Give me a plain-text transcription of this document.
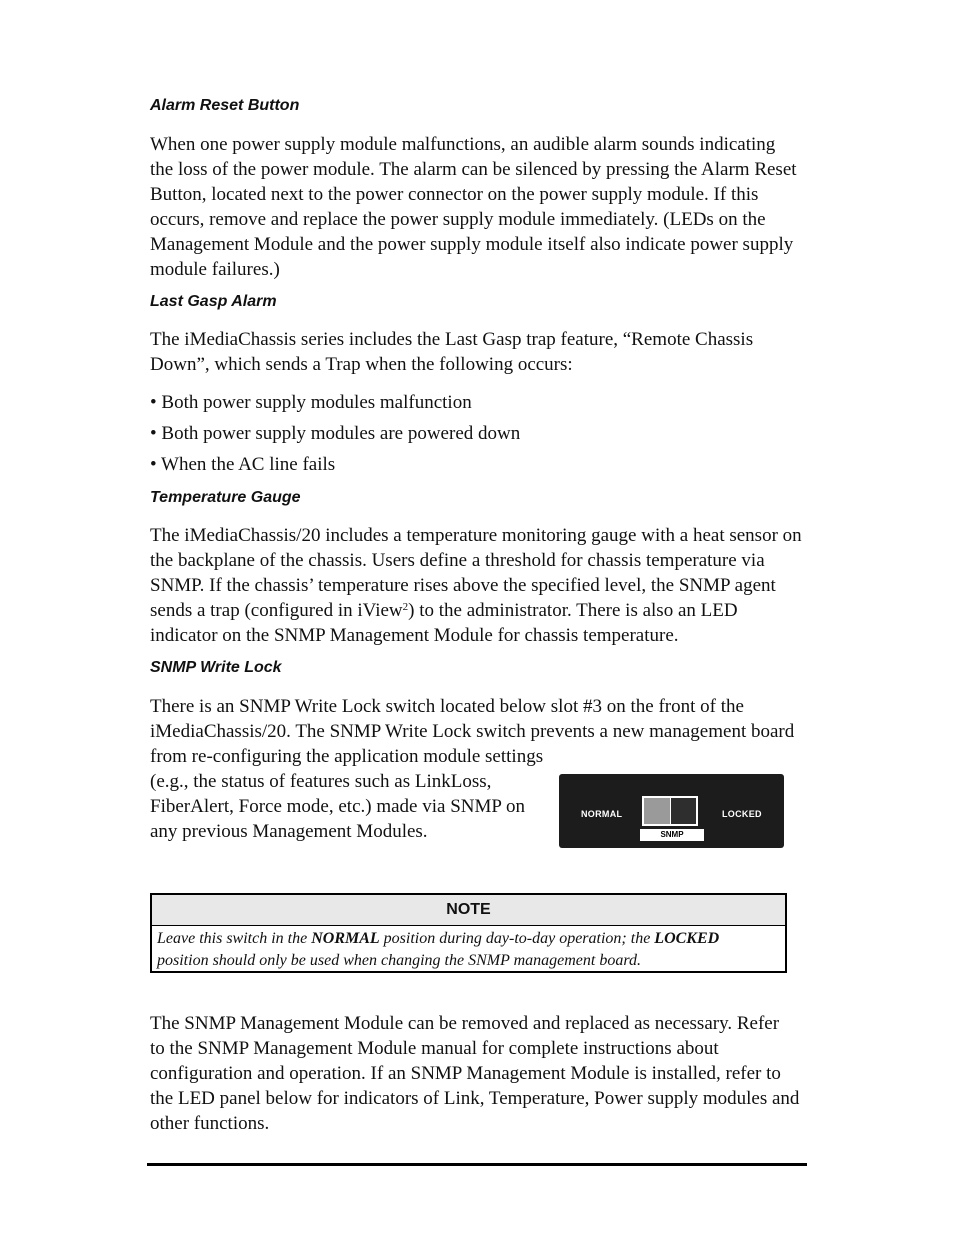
Alarm Reset Button
When one power supply module malfunctions, an audible alarm sounds indicating
the loss of the power module. The alarm can be silenced by pressing the Alarm Reset
Button, located next to the power connector on the power supply module. If this
occurs, remove and replace the power supply module immediately. (LEDs on the
Management Module and the power supply module itself also indicate power supply
module failures.)
Last Gasp Alarm
The iMediaChassis series includes the Last Gasp trap feature, “Remote Chassis
Down”, which sends a Trap when the following occurs:
• Both power supply modules malfunction
• Both power supply modules are powered down
• When the AC line fails
Temperature Gauge
The iMediaChassis/20 includes a temperature monitoring gauge with a heat sensor on
the backplane of the chassis. Users define a threshold for chassis temperature via
SNMP. If the chassis’ temperature rises above the specified level, the SNMP agent
sends a trap (configured in iView$^2$) to the administrator. There is also an LED
indicator on the SNMP Management Module for chassis temperature.
SNMP Write Lock
There is an SNMP Write Lock switch located below slot #3 on the front of the
iMediaChassis/20. The SNMP Write Lock switch prevents a new management board
from re-configuring the application module settings
(e.g., the status of features such as LinkLoss,
FiberAlert, Force mode, etc.) made via SNMP on
any previous Management Modules.
NORMAL	LOCKED
SNMP
NOTE
Leave this switch in the NORMAL position during day-to-day operation; the LOCKED
position should only be used when changing the SNMP management board.
The SNMP Management Module can be removed and replaced as necessary. Refer
to the SNMP Management Module manual for complete instructions about
configuration and operation. If an SNMP Management Module is installed, refer to
the LED panel below for indicators of Link, Temperature, Power supply modules and
other functions.
